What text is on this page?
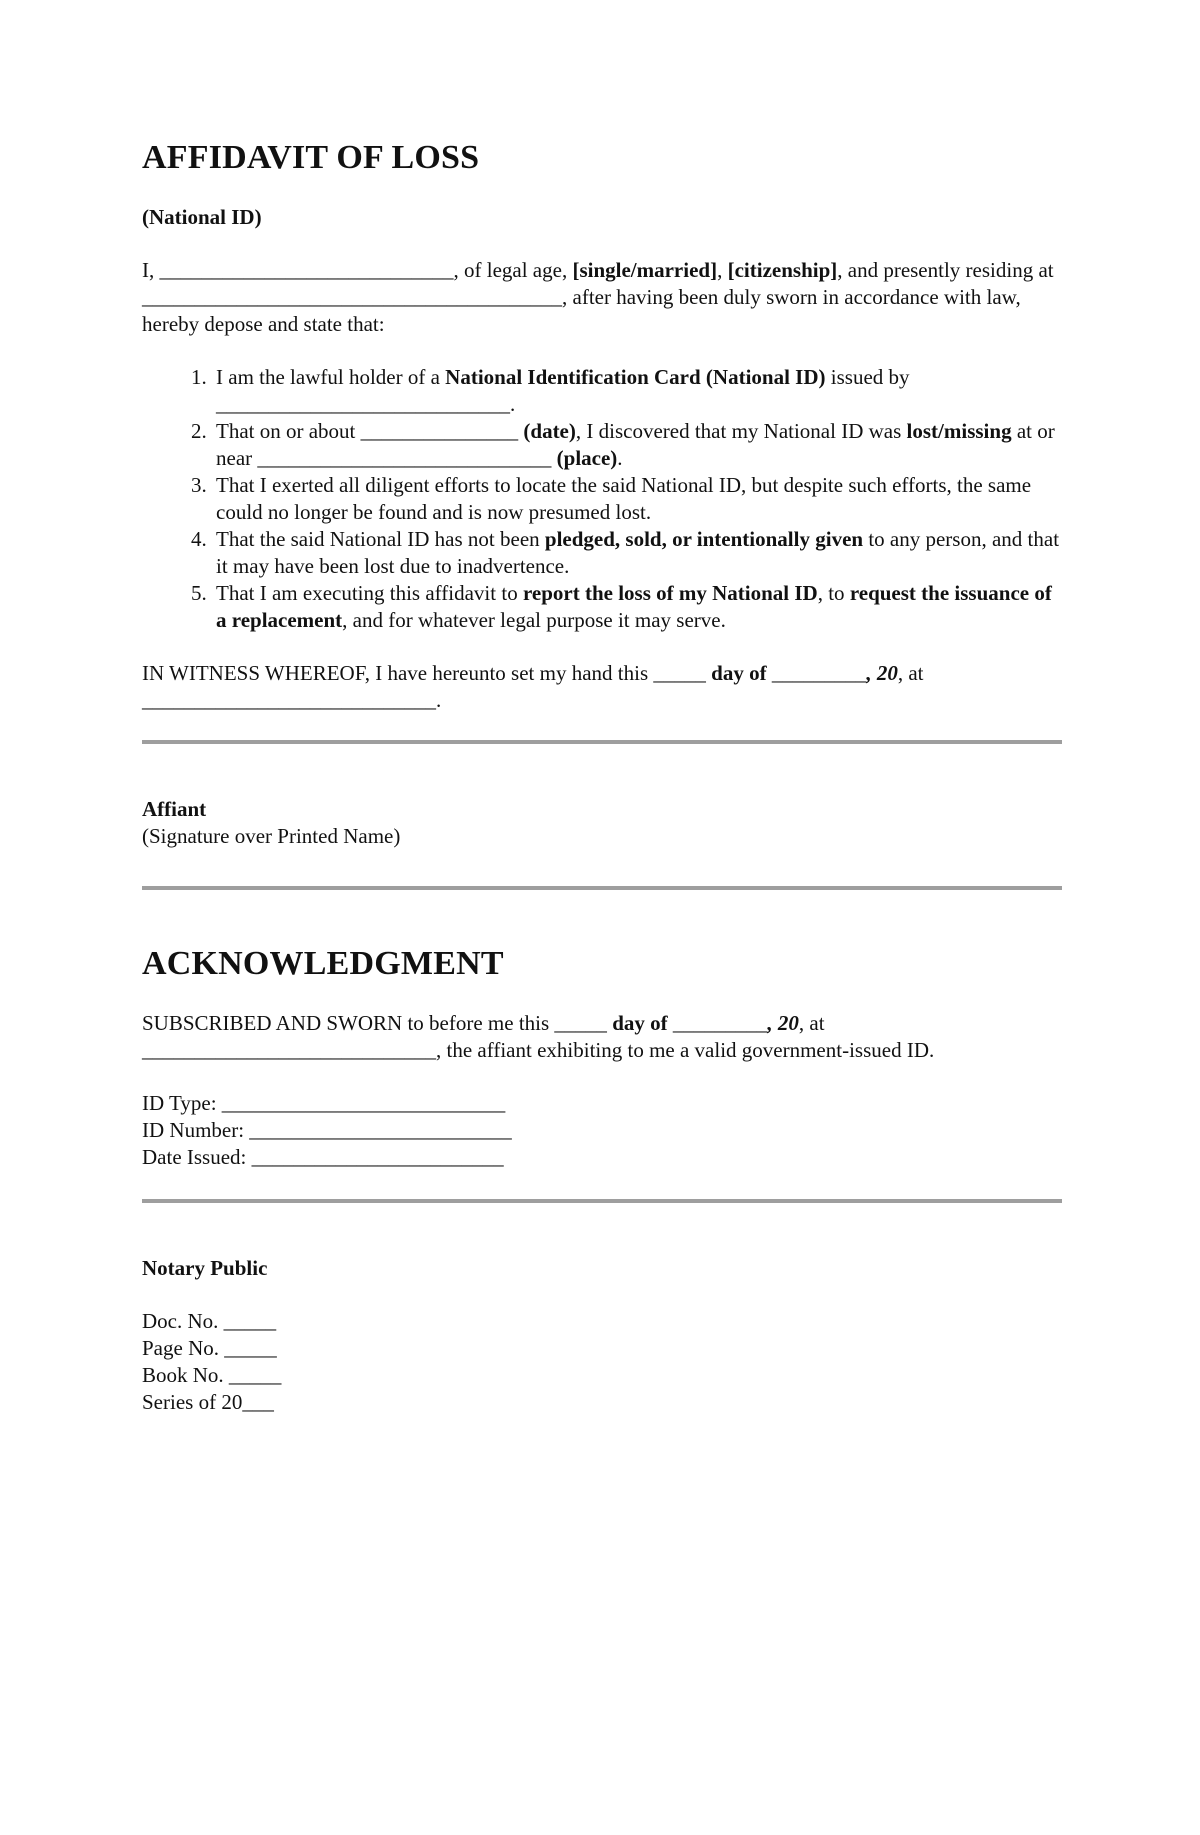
AFFIDAVIT OF LOSS

(National ID)

I, ____________________________, of legal age, [single/married], [citizenship], and presently residing at ________________________________________, after having been duly sworn in accordance with law, hereby depose and state that:

1. I am the lawful holder of a National Identification Card (National ID) issued by ____________________________.
2. That on or about _______________ (date), I discovered that my National ID was lost/missing at or near ____________________________ (place).
3. That I exerted all diligent efforts to locate the said National ID, but despite such efforts, the same could no longer be found and is now presumed lost.
4. That the said National ID has not been pledged, sold, or intentionally given to any person, and that it may have been lost due to inadvertence.
5. That I am executing this affidavit to report the loss of my National ID, to request the issuance of a replacement, and for whatever legal purpose it may serve.

IN WITNESS WHEREOF, I have hereunto set my hand this _____ day of _________, 20, at ____________________________.

Affiant

(Signature over Printed Name)

ACKNOWLEDGMENT

SUBSCRIBED AND SWORN to before me this _____ day of _________, 20, at ____________________________, the affiant exhibiting to me a valid government-issued ID.

ID Type: ___________________________

ID Number: _________________________

Date Issued: ________________________

Notary Public

Doc. No. _____

Page No. _____

Book No. _____

Series of 20___
